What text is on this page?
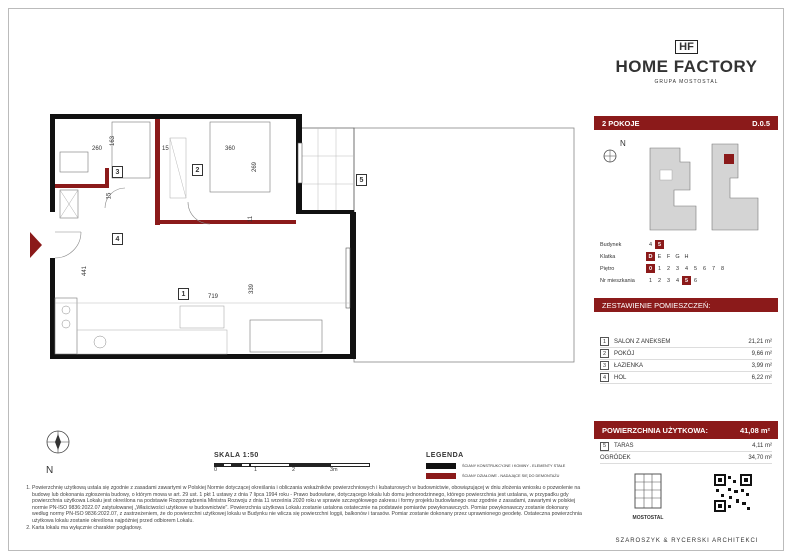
260
163
15	360
269
15
11
441
719
339
1
2
3
4
5
N
SKALA 1:50
0	1	2	3m
LEGENDA
ŚCIANY KONSTRUKCYJNE I KOMINY - ELEMENTY STAŁE
ŚCIANY DZIAŁOWE - NADAJĄCE SIĘ DO DEMONTAŻU
1. Powierzchnię użytkową ustala się zgodnie z zasadami zawartymi w Polskiej Normie dotyczącej określania i obliczania wskaźników powierzchniowych i kubaturowych w budownictwie, obowiązującej w dniu złożenia wniosku o pozwolenie na budowę lub dokonania zgłoszenia budowy, o którym mowa w art. 29 ust. 1 pkt 1 ustawy z dnia 7 lipca 1994 roku - Prawo budowlane, dotyczącego lokalu lub domu jednorodzinnego, którego powierzchnia jest ustalana, w przypadku gdy powierzchnia użytkowa Lokalu jest określona na podstawie Rozporządzenia Ministra Rozwoju z dnia 11 września 2020 roku w sprawie szczegółowego zakresu i formy projektu budowlanego oraz zgodnie z zasadami, zawartymi w polskiej normie PN-ISO 9836:2022.07 zatytułowanej „Właściwości użytkowe w budownictwie". Powierzchnia użytkowa Lokalu zostanie ustalona ostatecznie na podstawie pomiarów powykonawczych. Pomiar powykonawczy zostanie dokonany według normy PN-ISO 9836:2022.07, z zastrzeżeniem, że do powierzchni użytkowej lokalu w Budynku nie wlicza się powierzchni loggii, balkonów i tarasów. Pomiar zostanie dokonany przez uprawnionego geodetę. Ostateczna powierzchnia użytkowa lokalu zostanie określona najpóźniej przed odbiorem Lokalu.
2. Karta lokalu ma wyłącznie charakter poglądowy.
HF
HOME FACTORY
GRUPA MOSTOSTAL
2 POKOJE	D.0.5
N
Budynek	4	5
Klatka	D E F G H
Piętro	0	1	2	3	4	5	6	7	8
Nr mieszkania	1	2	3	4	5	6
ZESTAWIENIE POMIESZCZEŃ:
1	SALON Z ANEKSEM	21,21 m²
2	POKÓJ	9,66 m²
3	ŁAZIENKA	3,99 m²
4	HOL	6,22 m²
POWIERZCHNIA UŻYTKOWA:	41,08 m²
5	TARAS	4,11 m²
OGRÓDEK	34,70 m²
MOSTOSTAL
SZAROSZYK & RYCERSKI ARCHITEKCI
